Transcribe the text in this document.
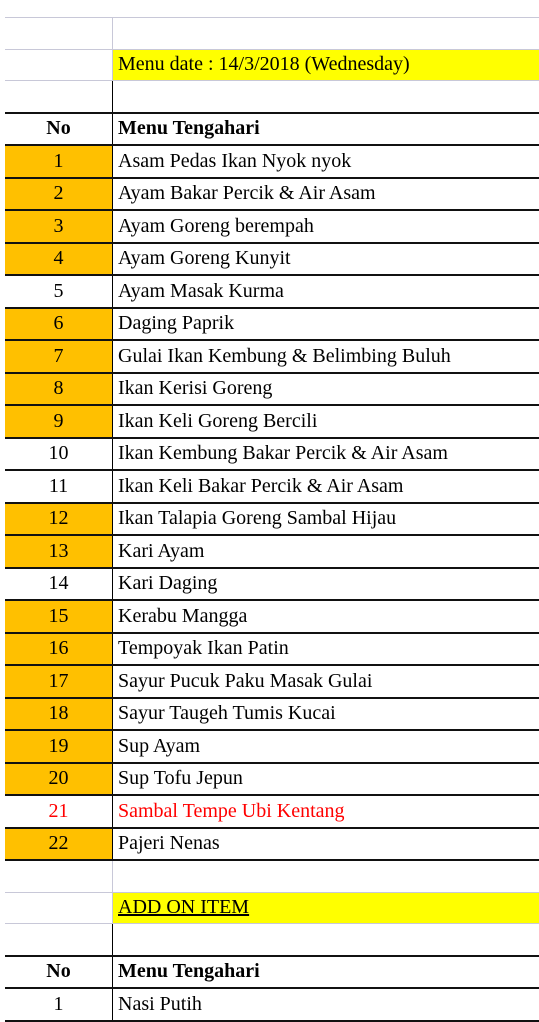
Menu date : 14/3/2018 (Wednesday)
No	Menu Tengahari
1	Asam Pedas Ikan Nyok nyok
2	Ayam Bakar Percik & Air Asam
3	Ayam Goreng berempah
4	Ayam Goreng Kunyit
5	Ayam Masak Kurma
6	Daging Paprik
7	Gulai Ikan Kembung & Belimbing Buluh
8	Ikan Kerisi Goreng
9	Ikan Keli Goreng Bercili
10	Ikan Kembung Bakar Percik & Air Asam
11	Ikan Keli Bakar Percik & Air Asam
12	Ikan Talapia Goreng Sambal Hijau
13	Kari Ayam
14	Kari Daging
15	Kerabu Mangga
16	Tempoyak Ikan Patin
17	Sayur Pucuk Paku Masak Gulai
18	Sayur Taugeh Tumis Kucai
19	Sup Ayam
20	Sup Tofu Jepun
21	Sambal Tempe Ubi Kentang
22	Pajeri Nenas
ADD ON ITEM
No	Menu Tengahari
1	Nasi Putih
